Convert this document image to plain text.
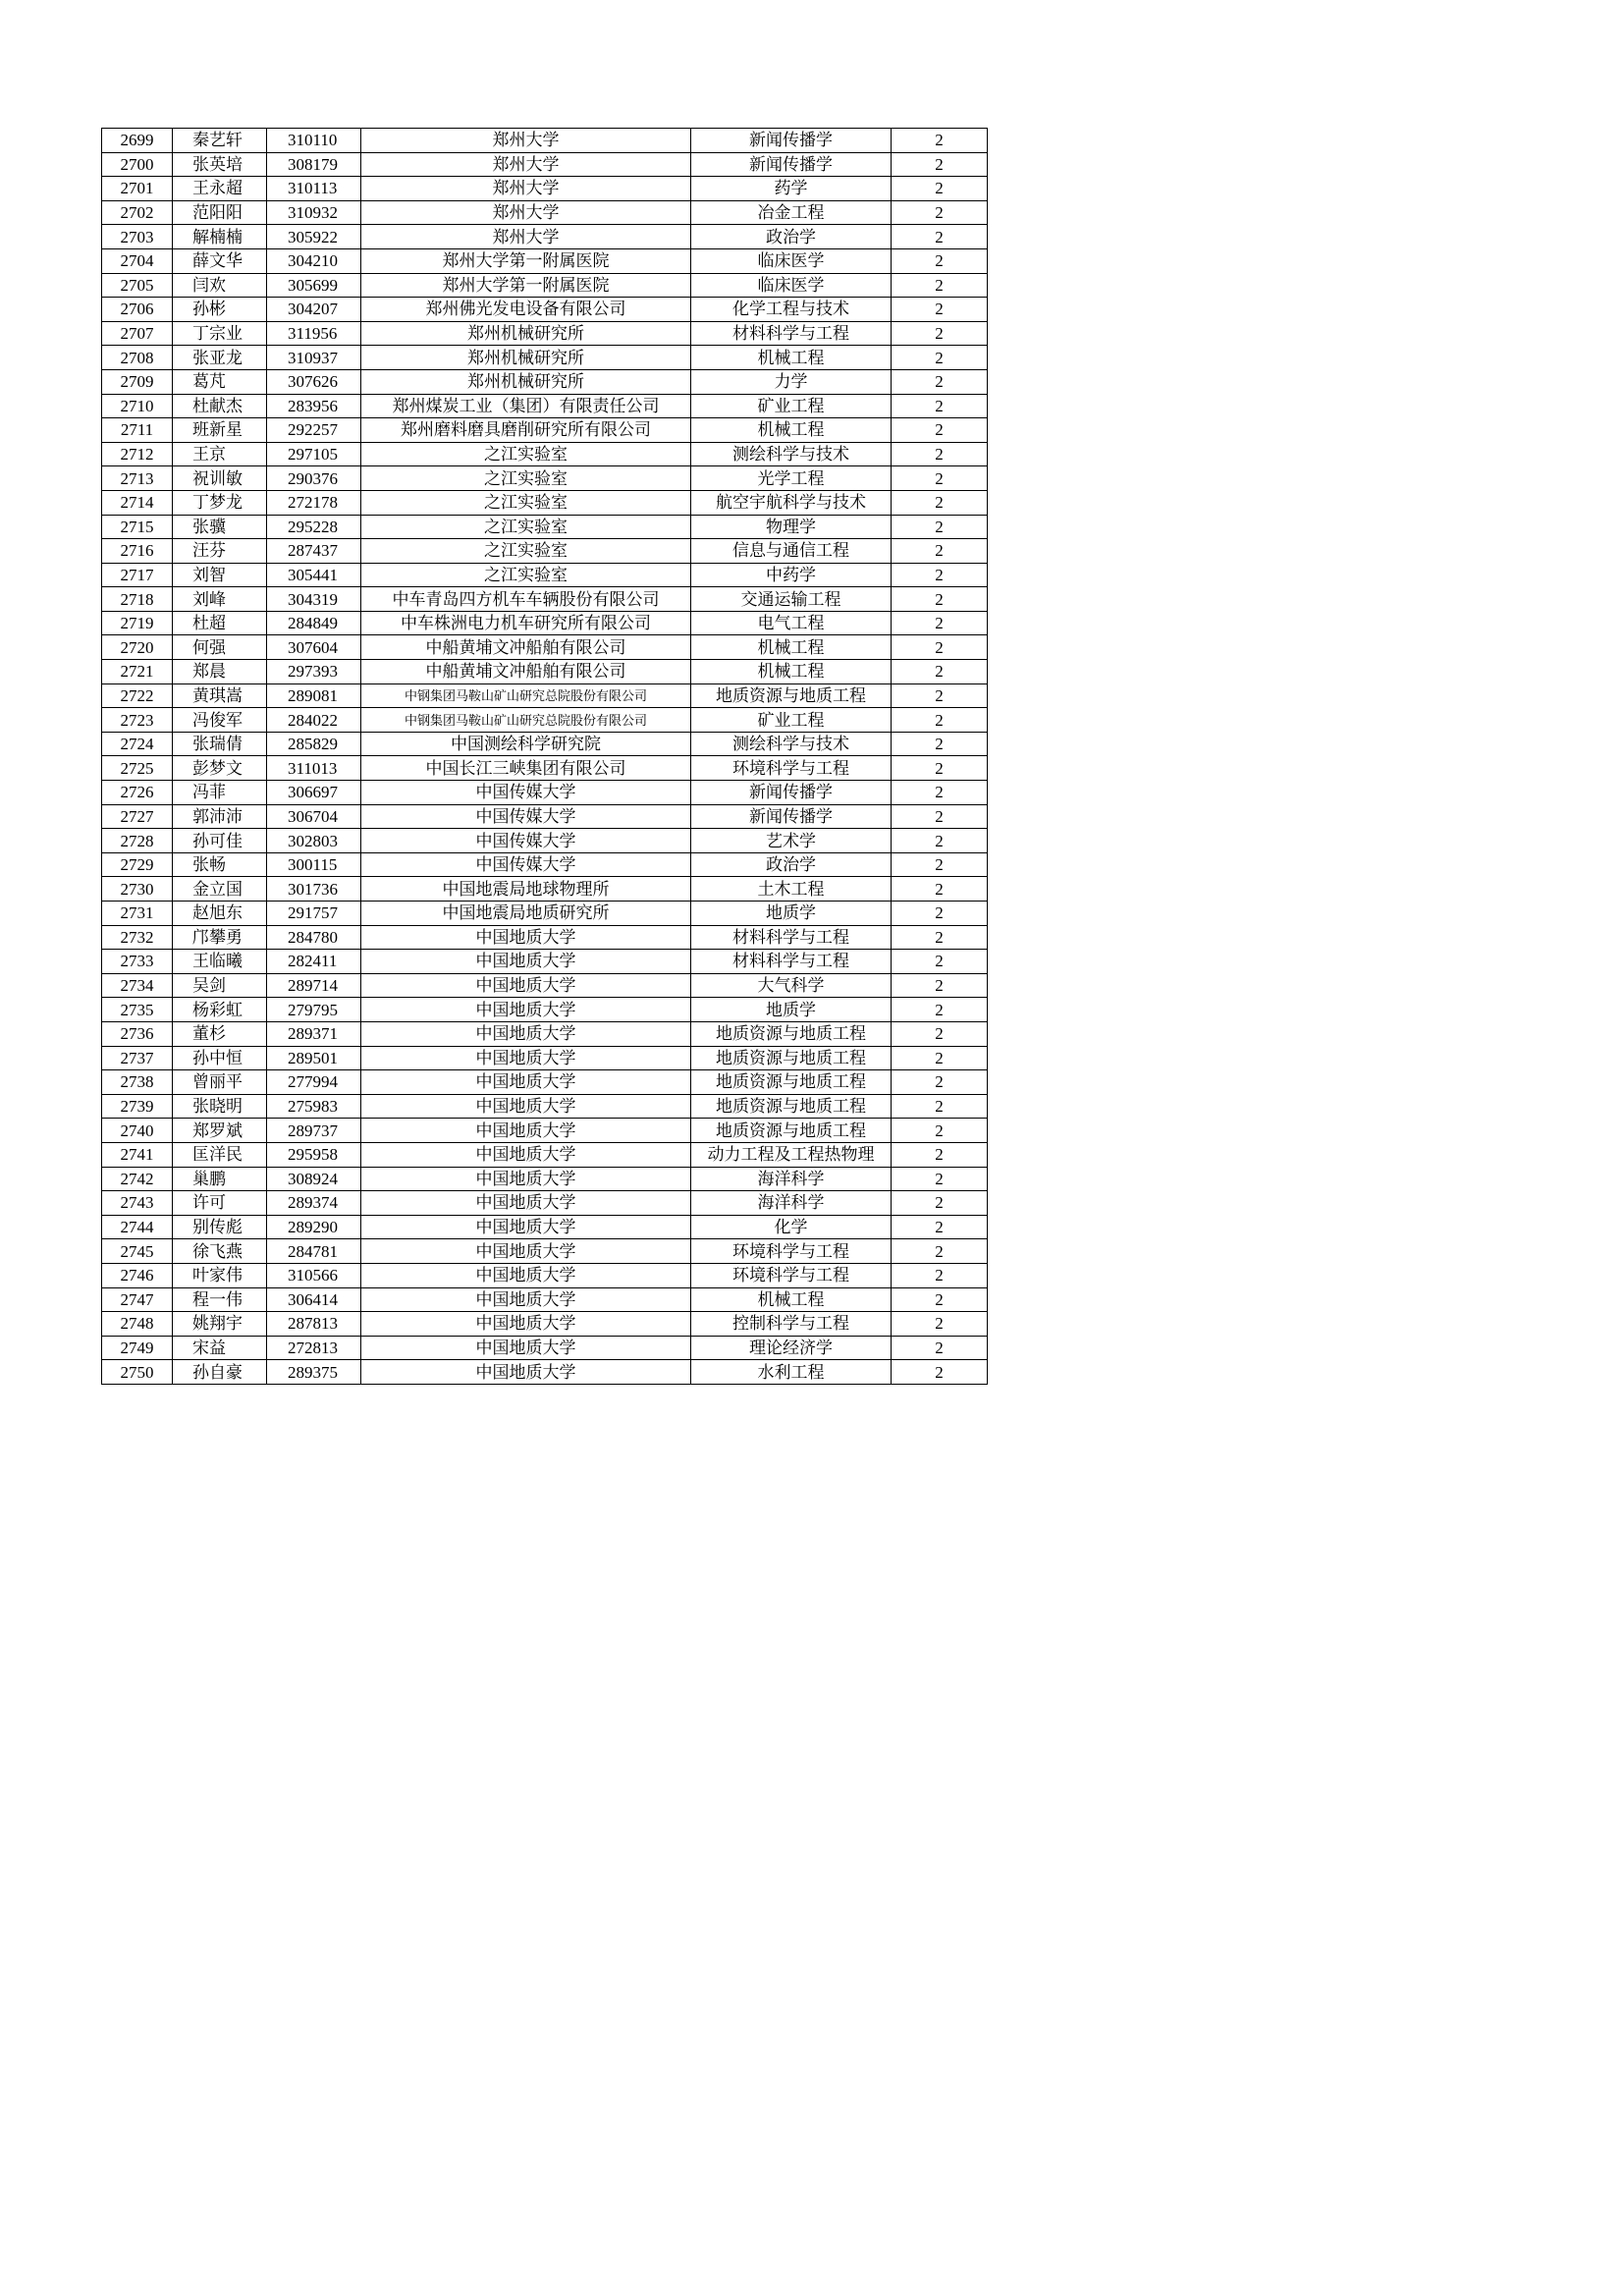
2699	秦艺轩	310110	郑州大学	新闻传播学	2
2700	张英培	308179	郑州大学	新闻传播学	2
2701	王永超	310113	郑州大学	药学	2
2702	范阳阳	310932	郑州大学	冶金工程	2
2703	解楠楠	305922	郑州大学	政治学	2
2704	薛文华	304210	郑州大学第一附属医院	临床医学	2
2705	闫欢	305699	郑州大学第一附属医院	临床医学	2
2706	孙彬	304207	郑州佛光发电设备有限公司	化学工程与技术	2
2707	丁宗业	311956	郑州机械研究所	材料科学与工程	2
2708	张亚龙	310937	郑州机械研究所	机械工程	2
2709	葛芃	307626	郑州机械研究所	力学	2
2710	杜献杰	283956	郑州煤炭工业（集团）有限责任公司	矿业工程	2
2711	班新星	292257	郑州磨料磨具磨削研究所有限公司	机械工程	2
2712	王京	297105	之江实验室	测绘科学与技术	2
2713	祝训敏	290376	之江实验室	光学工程	2
2714	丁梦龙	272178	之江实验室	航空宇航科学与技术	2
2715	张骥	295228	之江实验室	物理学	2
2716	汪芬	287437	之江实验室	信息与通信工程	2
2717	刘智	305441	之江实验室	中药学	2
2718	刘峰	304319	中车青岛四方机车车辆股份有限公司	交通运输工程	2
2719	杜超	284849	中车株洲电力机车研究所有限公司	电气工程	2
2720	何强	307604	中船黄埔文冲船舶有限公司	机械工程	2
2721	郑晨	297393	中船黄埔文冲船舶有限公司	机械工程	2
2722	黄琪嵩	289081	中钢集团马鞍山矿山研究总院股份有限公司	地质资源与地质工程	2
2723	冯俊军	284022	中钢集团马鞍山矿山研究总院股份有限公司	矿业工程	2
2724	张瑞倩	285829	中国测绘科学研究院	测绘科学与技术	2
2725	彭梦文	311013	中国长江三峡集团有限公司	环境科学与工程	2
2726	冯菲	306697	中国传媒大学	新闻传播学	2
2727	郭沛沛	306704	中国传媒大学	新闻传播学	2
2728	孙可佳	302803	中国传媒大学	艺术学	2
2729	张畅	300115	中国传媒大学	政治学	2
2730	金立国	301736	中国地震局地球物理所	土木工程	2
2731	赵旭东	291757	中国地震局地质研究所	地质学	2
2732	邝攀勇	284780	中国地质大学	材料科学与工程	2
2733	王临曦	282411	中国地质大学	材料科学与工程	2
2734	吴剑	289714	中国地质大学	大气科学	2
2735	杨彩虹	279795	中国地质大学	地质学	2
2736	董杉	289371	中国地质大学	地质资源与地质工程	2
2737	孙中恒	289501	中国地质大学	地质资源与地质工程	2
2738	曾丽平	277994	中国地质大学	地质资源与地质工程	2
2739	张晓明	275983	中国地质大学	地质资源与地质工程	2
2740	郑罗斌	289737	中国地质大学	地质资源与地质工程	2
2741	匡洋民	295958	中国地质大学	动力工程及工程热物理	2
2742	巢鹏	308924	中国地质大学	海洋科学	2
2743	许可	289374	中国地质大学	海洋科学	2
2744	别传彪	289290	中国地质大学	化学	2
2745	徐飞燕	284781	中国地质大学	环境科学与工程	2
2746	叶家伟	310566	中国地质大学	环境科学与工程	2
2747	程一伟	306414	中国地质大学	机械工程	2
2748	姚翔宇	287813	中国地质大学	控制科学与工程	2
2749	宋益	272813	中国地质大学	理论经济学	2
2750	孙自豪	289375	中国地质大学	水利工程	2
